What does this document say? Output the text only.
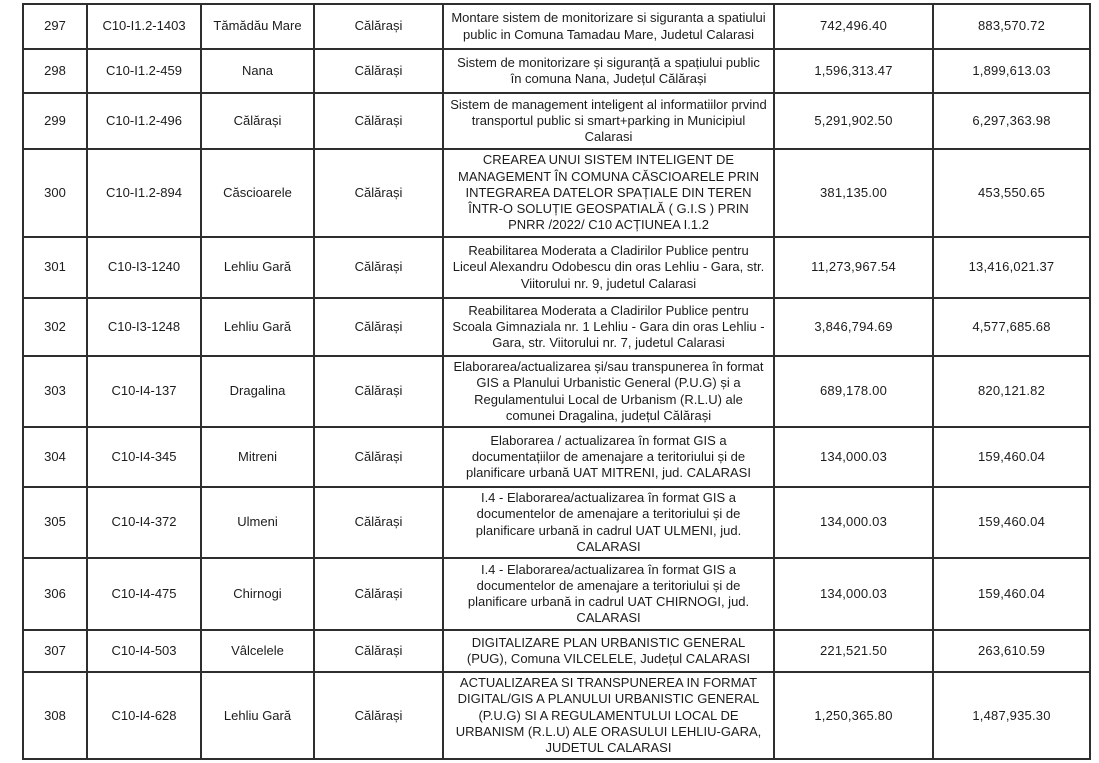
297	C10-I1.2-1403	Tămădău Mare	Călărași	Montare sistem de monitorizare si siguranta a spatiului public in Comuna Tamadau Mare, Judetul Calarasi	742,496.40	883,570.72
298	C10-I1.2-459	Nana	Călărași	Sistem de monitorizare și siguranță a spațiului public în comuna Nana, Județul Călărași	1,596,313.47	1,899,613.03
299	C10-I1.2-496	Călărași	Călărași	Sistem de management inteligent al informatiilor prvind transportul public si smart+parking in Municipiul Calarasi	5,291,902.50	6,297,363.98
300	C10-I1.2-894	Căscioarele	Călărași	CREAREA UNUI SISTEM INTELIGENT DE MANAGEMENT ÎN COMUNA CĂSCIOARELE PRIN INTEGRAREA DATELOR SPAȚIALE DIN TEREN ÎNTR-O SOLUȚIE GEOSPATIALĂ ( G.I.S ) PRIN PNRR /2022/ C10 ACȚIUNEA I.1.2	381,135.00	453,550.65
301	C10-I3-1240	Lehliu Gară	Călărași	Reabilitarea Moderata a Cladirilor Publice pentru Liceul Alexandru Odobescu din oras Lehliu - Gara, str. Viitorului nr. 9, judetul Calarasi	11,273,967.54	13,416,021.37
302	C10-I3-1248	Lehliu Gară	Călărași	Reabilitarea Moderata a Cladirilor Publice pentru Scoala Gimnaziala nr. 1 Lehliu - Gara din oras Lehliu - Gara, str. Viitorului nr. 7, judetul Calarasi	3,846,794.69	4,577,685.68
303	C10-I4-137	Dragalina	Călărași	Elaborarea/actualizarea și/sau transpunerea în format GIS a Planului Urbanistic General (P.U.G) și a Regulamentului Local de Urbanism (R.L.U) ale comunei Dragalina, județul Călărași	689,178.00	820,121.82
304	C10-I4-345	Mitreni	Călărași	Elaborarea / actualizarea în format GIS a documentațiilor de amenajare a teritoriului și de planificare urbană UAT MITRENI, jud. CALARASI	134,000.03	159,460.04
305	C10-I4-372	Ulmeni	Călărași	I.4 - Elaborarea/actualizarea în format GIS a documentelor de amenajare a teritoriului și de planificare urbană in cadrul UAT ULMENI, jud. CALARASI	134,000.03	159,460.04
306	C10-I4-475	Chirnogi	Călărași	I.4 - Elaborarea/actualizarea în format GIS a documentelor de amenajare a teritoriului și de planificare urbană in cadrul UAT CHIRNOGI, jud. CALARASI	134,000.03	159,460.04
307	C10-I4-503	Vâlcelele	Călărași	DIGITALIZARE PLAN URBANISTIC GENERAL (PUG), Comuna VILCELELE, Județul CALARASI	221,521.50	263,610.59
308	C10-I4-628	Lehliu Gară	Călărași	ACTUALIZAREA SI TRANSPUNEREA IN FORMAT DIGITAL/GIS A PLANULUI URBANISTIC GENERAL (P.U.G) SI A REGULAMENTULUI LOCAL DE URBANISM (R.L.U) ALE ORASULUI LEHLIU-GARA, JUDETUL CALARASI	1,250,365.80	1,487,935.30
